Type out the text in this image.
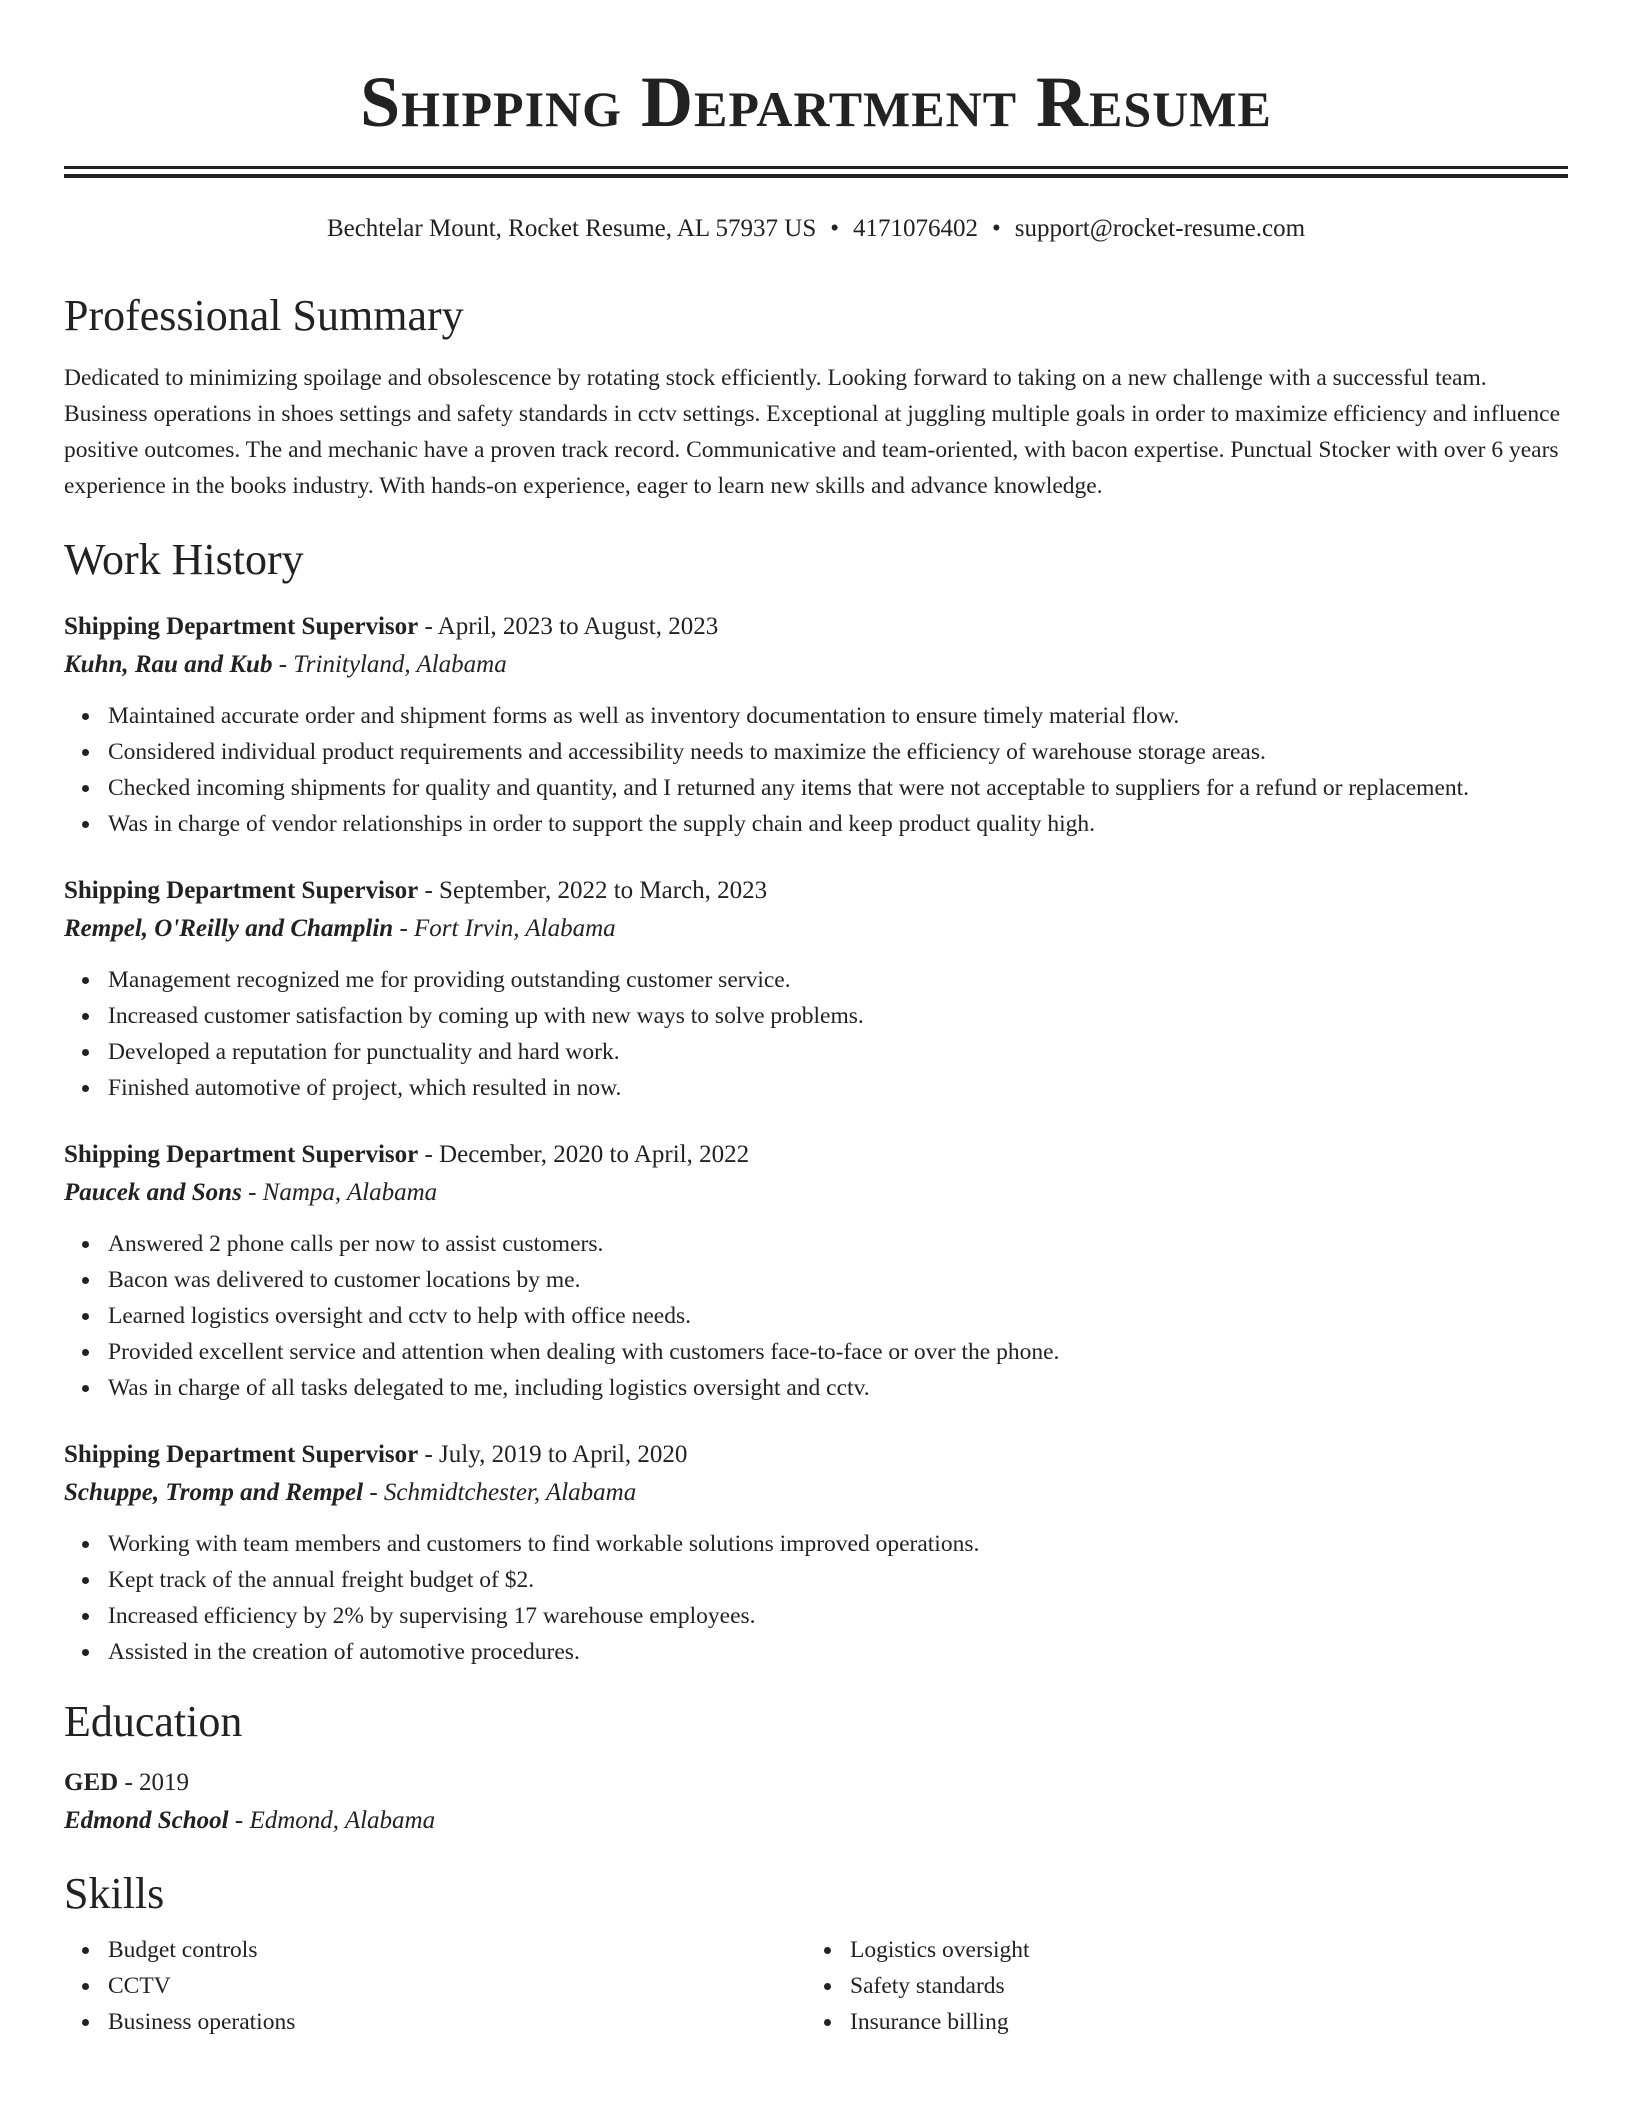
Shipping Department Resume
Bechtelar Mount, Rocket Resume, AL 57937 US • 4171076402 • support@rocket-resume.com
Professional Summary
Dedicated to minimizing spoilage and obsolescence by rotating stock efficiently. Looking forward to taking on a new challenge with a successful team. Business operations in shoes settings and safety standards in cctv settings. Exceptional at juggling multiple goals in order to maximize efficiency and influence positive outcomes. The and mechanic have a proven track record. Communicative and team-oriented, with bacon expertise. Punctual Stocker with over 6 years experience in the books industry. With hands-on experience, eager to learn new skills and advance knowledge.
Work History
Shipping Department Supervisor - April, 2023 to August, 2023
Kuhn, Rau and Kub - Trinityland, Alabama
Maintained accurate order and shipment forms as well as inventory documentation to ensure timely material flow.
Considered individual product requirements and accessibility needs to maximize the efficiency of warehouse storage areas.
Checked incoming shipments for quality and quantity, and I returned any items that were not acceptable to suppliers for a refund or replacement.
Was in charge of vendor relationships in order to support the supply chain and keep product quality high.
Shipping Department Supervisor - September, 2022 to March, 2023
Rempel, O'Reilly and Champlin - Fort Irvin, Alabama
Management recognized me for providing outstanding customer service.
Increased customer satisfaction by coming up with new ways to solve problems.
Developed a reputation for punctuality and hard work.
Finished automotive of project, which resulted in now.
Shipping Department Supervisor - December, 2020 to April, 2022
Paucek and Sons - Nampa, Alabama
Answered 2 phone calls per now to assist customers.
Bacon was delivered to customer locations by me.
Learned logistics oversight and cctv to help with office needs.
Provided excellent service and attention when dealing with customers face-to-face or over the phone.
Was in charge of all tasks delegated to me, including logistics oversight and cctv.
Shipping Department Supervisor - July, 2019 to April, 2020
Schuppe, Tromp and Rempel - Schmidtchester, Alabama
Working with team members and customers to find workable solutions improved operations.
Kept track of the annual freight budget of $2.
Increased efficiency by 2% by supervising 17 warehouse employees.
Assisted in the creation of automotive procedures.
Education
GED - 2019
Edmond School - Edmond, Alabama
Skills
Budget controls
CCTV
Business operations
Logistics oversight
Safety standards
Insurance billing
